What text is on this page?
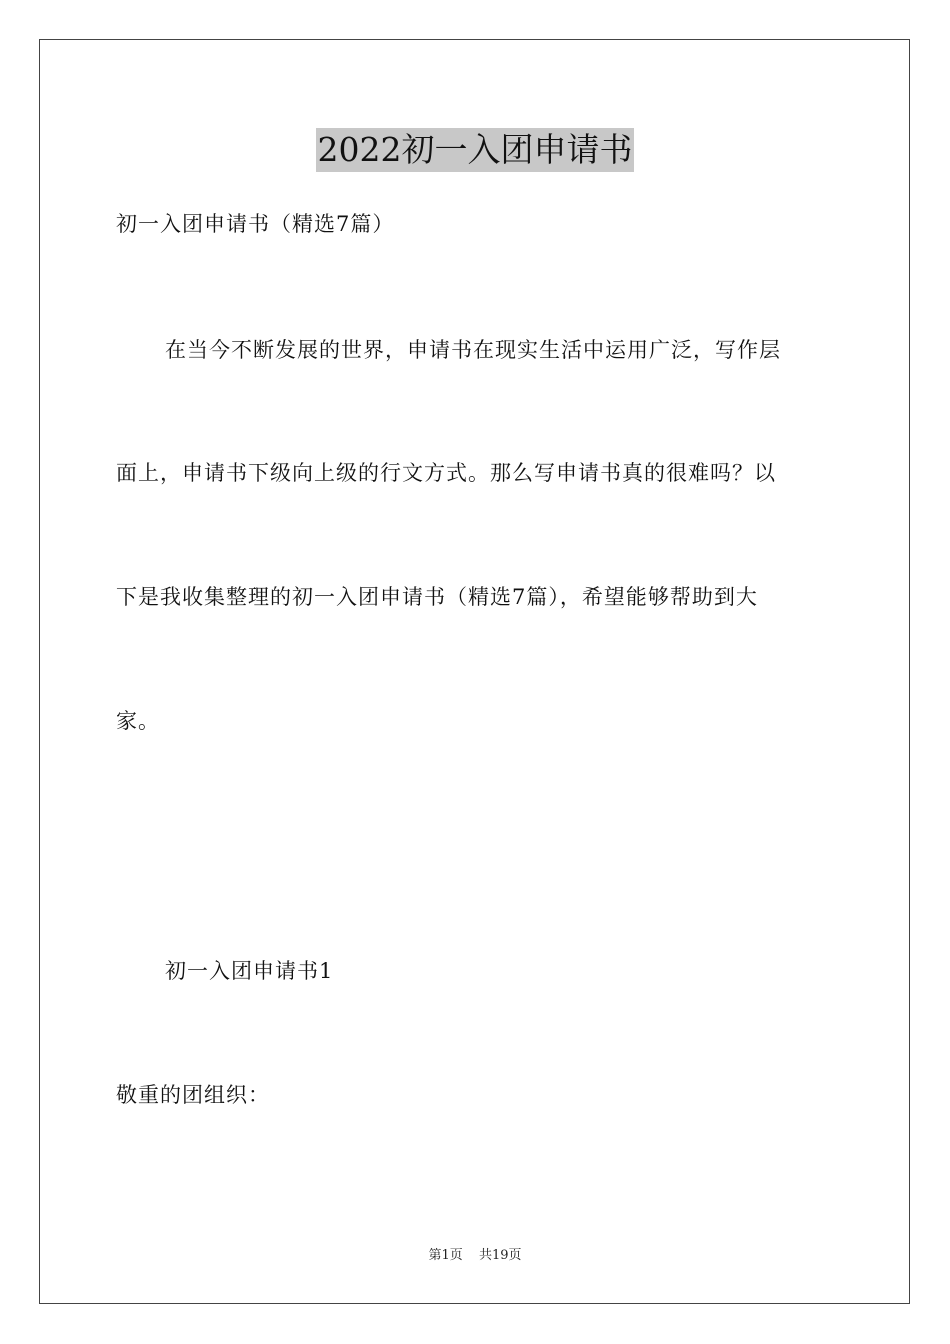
2022初一入团申请书
初一入团申请书（精选7篇）
在当今不断发展的世界，申请书在现实生活中运用广泛，写作层
面上，申请书下级向上级的行文方式。那么写申请书真的很难吗？以
下是我收集整理的初一入团申请书（精选7篇），希望能够帮助到大
家。
初一入团申请书1
敬重的团组织：
第1页 共19页
